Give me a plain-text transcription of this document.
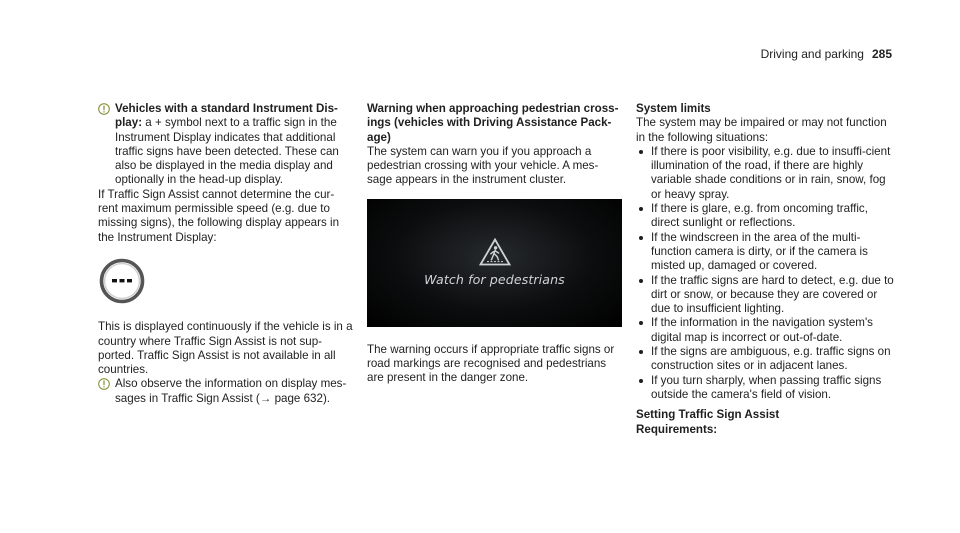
Driving and parking 285

Vehicles with a standard Instrument Dis-play: a + symbol next to a traffic sign in the Instrument Display indicates that additional traffic signs have been detected. These can also be displayed in the media display and optionally in the head-up display.

If Traffic Sign Assist cannot determine the cur-rent maximum permissible speed (e.g. due to missing signs), the following display appears in the Instrument Display:

This is displayed continuously if the vehicle is in a country where Traffic Sign Assist is not sup-ported. Traffic Sign Assist is not available in all countries.

Also observe the information on display mes-sages in Traffic Sign Assist (→ page 632).

Warning when approaching pedestrian cross-ings (vehicles with Driving Assistance Pack-age)

The system can warn you if you approach a pedestrian crossing with your vehicle. A mes-sage appears in the instrument cluster.

Watch for pedestrians

The warning occurs if appropriate traffic signs or road markings are recognised and pedestrians are present in the danger zone.

System limits

The system may be impaired or may not function in the following situations:

If there is poor visibility, e.g. due to insuffi-cient illumination of the road, if there are highly variable shade conditions or in rain, snow, fog or heavy spray.
If there is glare, e.g. from oncoming traffic, direct sunlight or reflections.
If the windscreen in the area of the multi-function camera is dirty, or if the camera is misted up, damaged or covered.
If the traffic signs are hard to detect, e.g. due to dirt or snow, or because they are covered or due to insufficient lighting.
If the information in the navigation system's digital map is incorrect or out-of-date.
If the signs are ambiguous, e.g. traffic signs on construction sites or in adjacent lanes.
If you turn sharply, when passing traffic signs outside the camera's field of vision.

Setting Traffic Sign Assist

Requirements:
